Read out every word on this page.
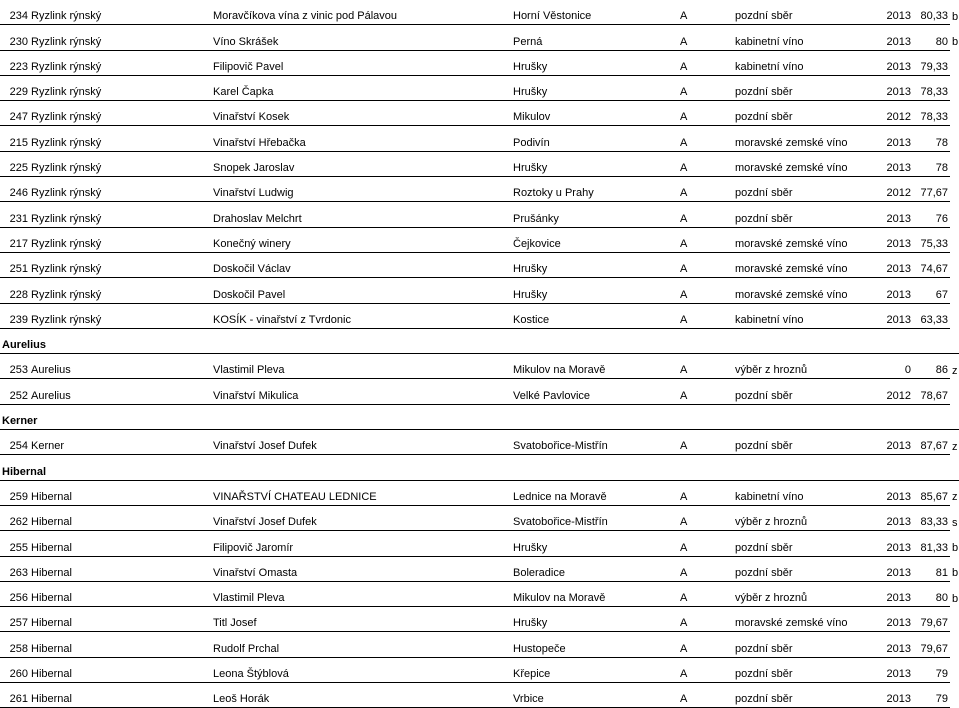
234	Ryzlink rýnský	Moravčíkova vína z vinic pod Pálavou	Horní Věstonice	A	pozdní sběr	2013	80,33	b
230	Ryzlink rýnský	Víno Skrášek	Perná	A	kabinetní víno	2013	80	b
223	Ryzlink rýnský	Filipovič Pavel	Hrušky	A	kabinetní víno	2013	79,33	
229	Ryzlink rýnský	Karel Čapka	Hrušky	A	pozdní sběr	2013	78,33	
247	Ryzlink rýnský	Vinařství Kosek	Mikulov	A	pozdní sběr	2012	78,33	
215	Ryzlink rýnský	Vinařství Hřebačka	Podivín	A	moravské zemské víno	2013	78	
225	Ryzlink rýnský	Snopek Jaroslav	Hrušky	A	moravské zemské víno	2013	78	
246	Ryzlink rýnský	Vinařství Ludwig	Roztoky u Prahy	A	pozdní sběr	2012	77,67	
231	Ryzlink rýnský	Drahoslav Melchrt	Prušánky	A	pozdní sběr	2013	76	
217	Ryzlink rýnský	Konečný winery	Čejkovice	A	moravské zemské víno	2013	75,33	
251	Ryzlink rýnský	Doskočil Václav	Hrušky	A	moravské zemské víno	2013	74,67	
228	Ryzlink rýnský	Doskočil Pavel	Hrušky	A	moravské zemské víno	2013	67	
239	Ryzlink rýnský	KOSÍK - vinařství z Tvrdonic	Kostice	A	kabinetní víno	2013	63,33	
Aurelius								
253	Aurelius	Vlastimil Pleva	Mikulov na Moravě	A	výběr z hroznů	0	86	z
252	Aurelius	Vinařství Mikulica	Velké Pavlovice	A	pozdní sběr	2012	78,67	
Kerner								
254	Kerner	Vinařství Josef Dufek	Svatobořice-Mistřín	A	pozdní sběr	2013	87,67	z
Hibernal								
259	Hibernal	VINAŘSTVÍ CHATEAU LEDNICE	Lednice na Moravě	A	kabinetní víno	2013	85,67	z
262	Hibernal	Vinařství Josef Dufek	Svatobořice-Mistřín	A	výběr z hroznů	2013	83,33	s
255	Hibernal	Filipovič Jaromír	Hrušky	A	pozdní sběr	2013	81,33	b
263	Hibernal	Vinařství Omasta	Boleradice	A	pozdní sběr	2013	81	b
256	Hibernal	Vlastimil Pleva	Mikulov na Moravě	A	výběr z hroznů	2013	80	b
257	Hibernal	Titl Josef	Hrušky	A	moravské zemské víno	2013	79,67	
258	Hibernal	Rudolf Prchal	Hustopeče	A	pozdní sběr	2013	79,67	
260	Hibernal	Leona Štýblová	Křepice	A	pozdní sběr	2013	79	
261	Hibernal	Leoš Horák	Vrbice	A	pozdní sběr	2013	79	
